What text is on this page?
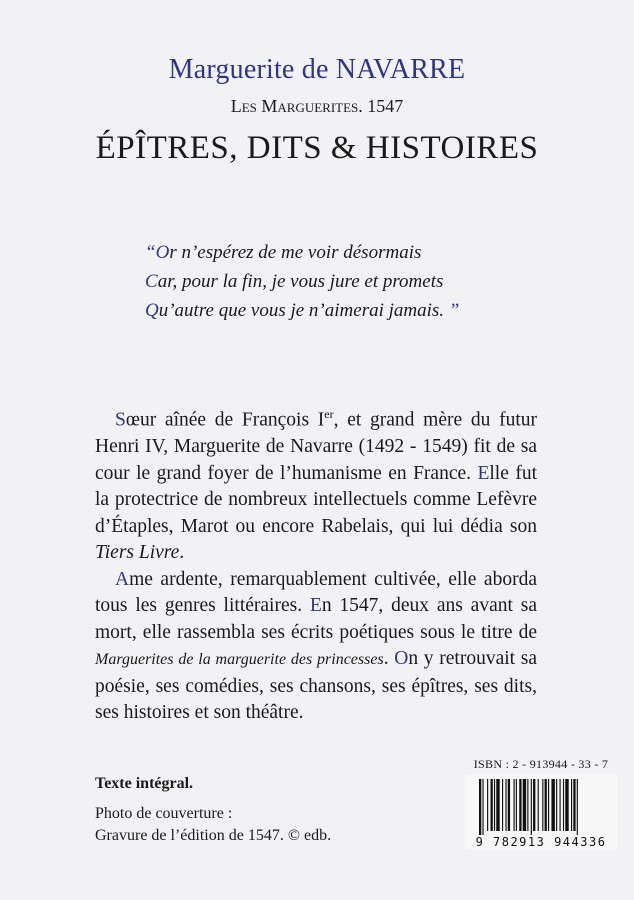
Marguerite de NAVARRE
Les Marguerites. 1547
ÉPÎTRES, DITS & HISTOIRES
“Or n’espérez de me voir désormais
Car, pour la fin, je vous jure et promets
Qu’autre que vous je n’aimerai jamais. ”

Sœur aînée de François Ier, et grand mère du futur Henri IV, Marguerite de Navarre (1492 - 1549) fit de sa cour le grand foyer de l’humanisme en France. Elle fut la protectrice de nombreux intellectuels comme Lefèvre d’Étaples, Marot ou encore Rabelais, qui lui dédia son Tiers Livre.

Ame ardente, remarquablement cultivée, elle aborda tous les genres littéraires. En 1547, deux ans avant sa mort, elle rassembla ses écrits poétiques sous le titre de Marguerites de la marguerite des princesses. On y retrouvait sa poésie, ses comédies, ses chansons, ses épîtres, ses dits, ses histoires et son théâtre.

Texte intégral.
Photo de couverture :
Gravure de l’édition de 1547. © edb.
ISBN : 2 - 913944 - 33 - 7
9 782913 944336
